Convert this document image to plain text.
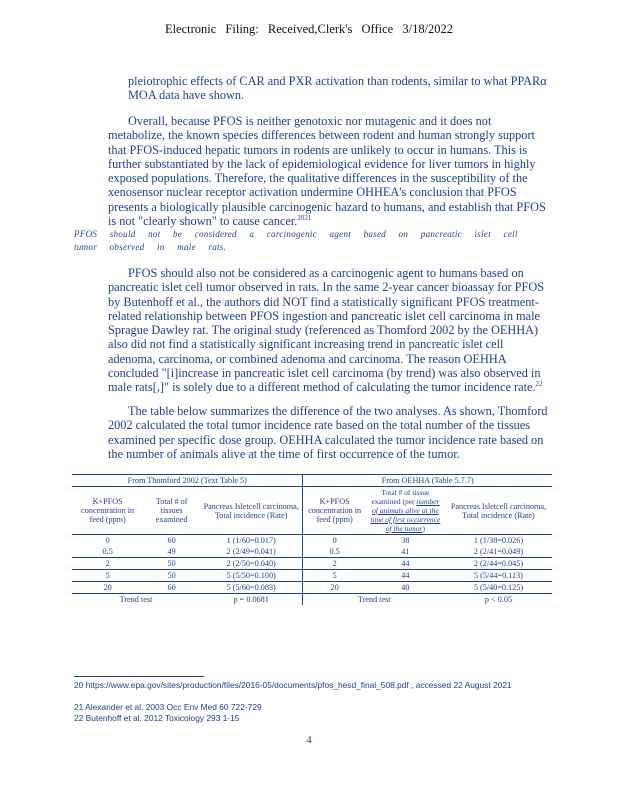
Electronic Filing: Received,Clerk's Office 3/18/2022

pleiotrophic effects of CAR and PXR activation than rodents, similar to what PPARα MOA data have shown.

Overall, because PFOS is neither genotoxic nor mutagenic and it does not metabolize, the known species differences between rodent and human strongly support that PFOS-induced hepatic tumors in rodents are unlikely to occur in humans. This is further substantiated by the lack of epidemiological evidence for liver tumors in highly exposed populations. Therefore, the qualitative differences in the susceptibility of the xenosensor nuclear receptor activation undermine OHHEA's conclusion that PFOS presents a biologically plausible carcinogenic hazard to humans, and establish that PFOS is not "clearly shown" to cause cancer.$^{2021}$

PFOS should not be considered a carcinogenic agent based on pancreatic islet cell tumor observed in male rats.

PFOS should also not be considered as a carcinogenic agent to humans based on pancreatic islet cell tumor observed in rats. In the same 2-year cancer bioassay for PFOS by Butenhoff et al., the authors did NOT find a statistically significant PFOS treatment-related relationship between PFOS ingestion and pancreatic islet cell carcinoma in male Sprague Dawley rat. The original study (referenced as Thomford 2002 by the OEHHA) also did not find a statistically significant increasing trend in pancreatic islet cell adenoma, carcinoma, or combined adenoma and carcinoma. The reason OEHHA concluded "[i]increase in pancreatic islet cell carcinoma (by trend) was also observed in male rats[,]" is solely due to a different method of calculating the tumor incidence rate.$^{22}$

The table below summarizes the difference of the two analyses. As shown, Thomford 2002 calculated the total tumor incidence rate based on the total number of the tissues examined per specific dose group. OEHHA calculated the tumor incidence rate based on the number of animals alive at the time of first occurrence of the tumor.

From Thomford 2002 (Text Table 5)			From OEHHA (Table 5.7.7)		
K+PFOS concentration in feed (ppm)	Total # of tissues examined	Pancreas Isletcell carcinoma, Total incidence (Rate)	K+PFOS concentration in feed (ppm)	Total # of tissue examined (per number of animals alive at the time of first occurrence of the tumor)	Pancreas Isletcell carcinoma, Total incidence (Rate)
0	60	1 (1/60=0.017)	0	38	1 (1/38=0.026)
0.5	49	2 (2/49=0.041)	0.5	41	2 (2/41=0.049)
2	50	2 (2/50=0.040)	2	44	2 (2/44=0.045)
5	50	5 (5/50=0.100)	5	44	5 (5/44=0.113)
20	60	5 (5/60=0.083)	20	40	5 (5/40=0.125)
Trend test		p = 0.0681	Trend test		p < 0.05

20 https://www.epa.gov/sites/production/files/2016-05/documents/pfos_hesd_final_508.pdf , accessed 22 August 2021

21 Alexander et al. 2003 Occ Env Med 60 722-729

22 Butenhoff et al. 2012 Toxicology 293 1-15

4
